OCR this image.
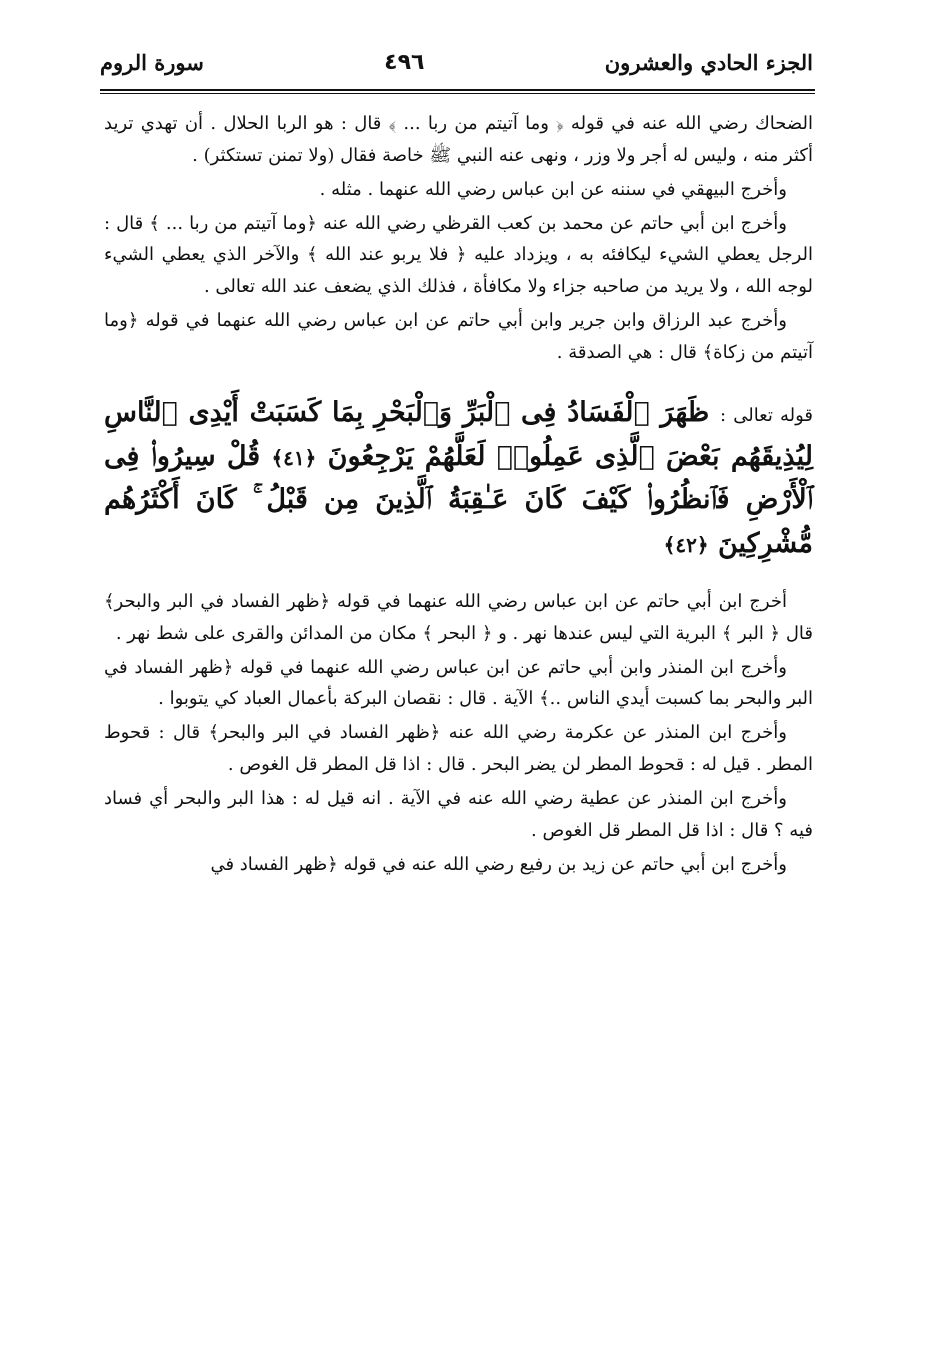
الجزء الحادي والعشرون
٤٩٦
سورة الروم

الضحاك رضي الله عنه في قوله ﴿ وما آتيتم من ربا ... ﴾ قال : هو الربا الحلال . أن تهدي تريد أكثر منه ، وليس له أجر ولا وزر ، ونهى عنه النبي ﷺ خاصة فقال (ولا تمنن تستكثر) .

وأخرج البيهقي في سننه عن ابن عباس رضي الله عنهما . مثله .

وأخرج ابن أبي حاتم عن محمد بن كعب القرظي رضي الله عنه ﴿وما آتيتم من ربا ... ﴾ قال : الرجل يعطي الشيء ليكافئه به ، ويزداد عليه ﴿ فلا يربو عند الله ﴾ والآخر الذي يعطي الشيء لوجه الله ، ولا يريد من صاحبه جزاء ولا مكافأة ، فذلك الذي يضعف عند الله تعالى .

وأخرج عبد الرزاق وابن جرير وابن أبي حاتم عن ابن عباس رضي الله عنهما في قوله ﴿وما آتيتم من زكاة﴾ قال : هي الصدقة .

قوله تعالى : ظَهَرَ ٱلْفَسَادُ فِى ٱلْبَرِّ وَٱلْبَحْرِ بِمَا كَسَبَتْ أَيْدِى ٱلنَّاسِ لِيُذِيقَهُم بَعْضَ ٱلَّذِى عَمِلُوا۟ لَعَلَّهُمْ يَرْجِعُونَ ﴿٤١﴾ قُلْ سِيرُوا۟ فِى ٱلْأَرْضِ فَٱنظُرُوا۟ كَيْفَ كَانَ عَـٰقِبَةُ ٱلَّذِينَ مِن قَبْلُ ۚ كَانَ أَكْثَرُهُم مُّشْرِكِينَ ﴿٤٢﴾

أخرج ابن أبي حاتم عن ابن عباس رضي الله عنهما في قوله ﴿ظهر الفساد في البر والبحر﴾ قال ﴿ البر ﴾ البرية التي ليس عندها نهر . و ﴿ البحر ﴾ مكان من المدائن والقرى على شط نهر .

وأخرج ابن المنذر وابن أبي حاتم عن ابن عباس رضي الله عنهما في قوله ﴿ظهر الفساد في البر والبحر بما كسبت أيدي الناس ..﴾ الآية . قال : نقصان البركة بأعمال العباد كي يتوبوا .

وأخرج ابن المنذر عن عكرمة رضي الله عنه ﴿ظهر الفساد في البر والبحر﴾ قال : قحوط المطر . قيل له : قحوط المطر لن يضر البحر . قال : اذا قل المطر قل الغوص .

وأخرج ابن المنذر عن عطية رضي الله عنه في الآية . انه قيل له : هذا البر والبحر أي فساد فيه ؟ قال : اذا قل المطر قل الغوص .

وأخرج ابن أبي حاتم عن زيد بن رفيع رضي الله عنه في قوله ﴿ظهر الفساد في
